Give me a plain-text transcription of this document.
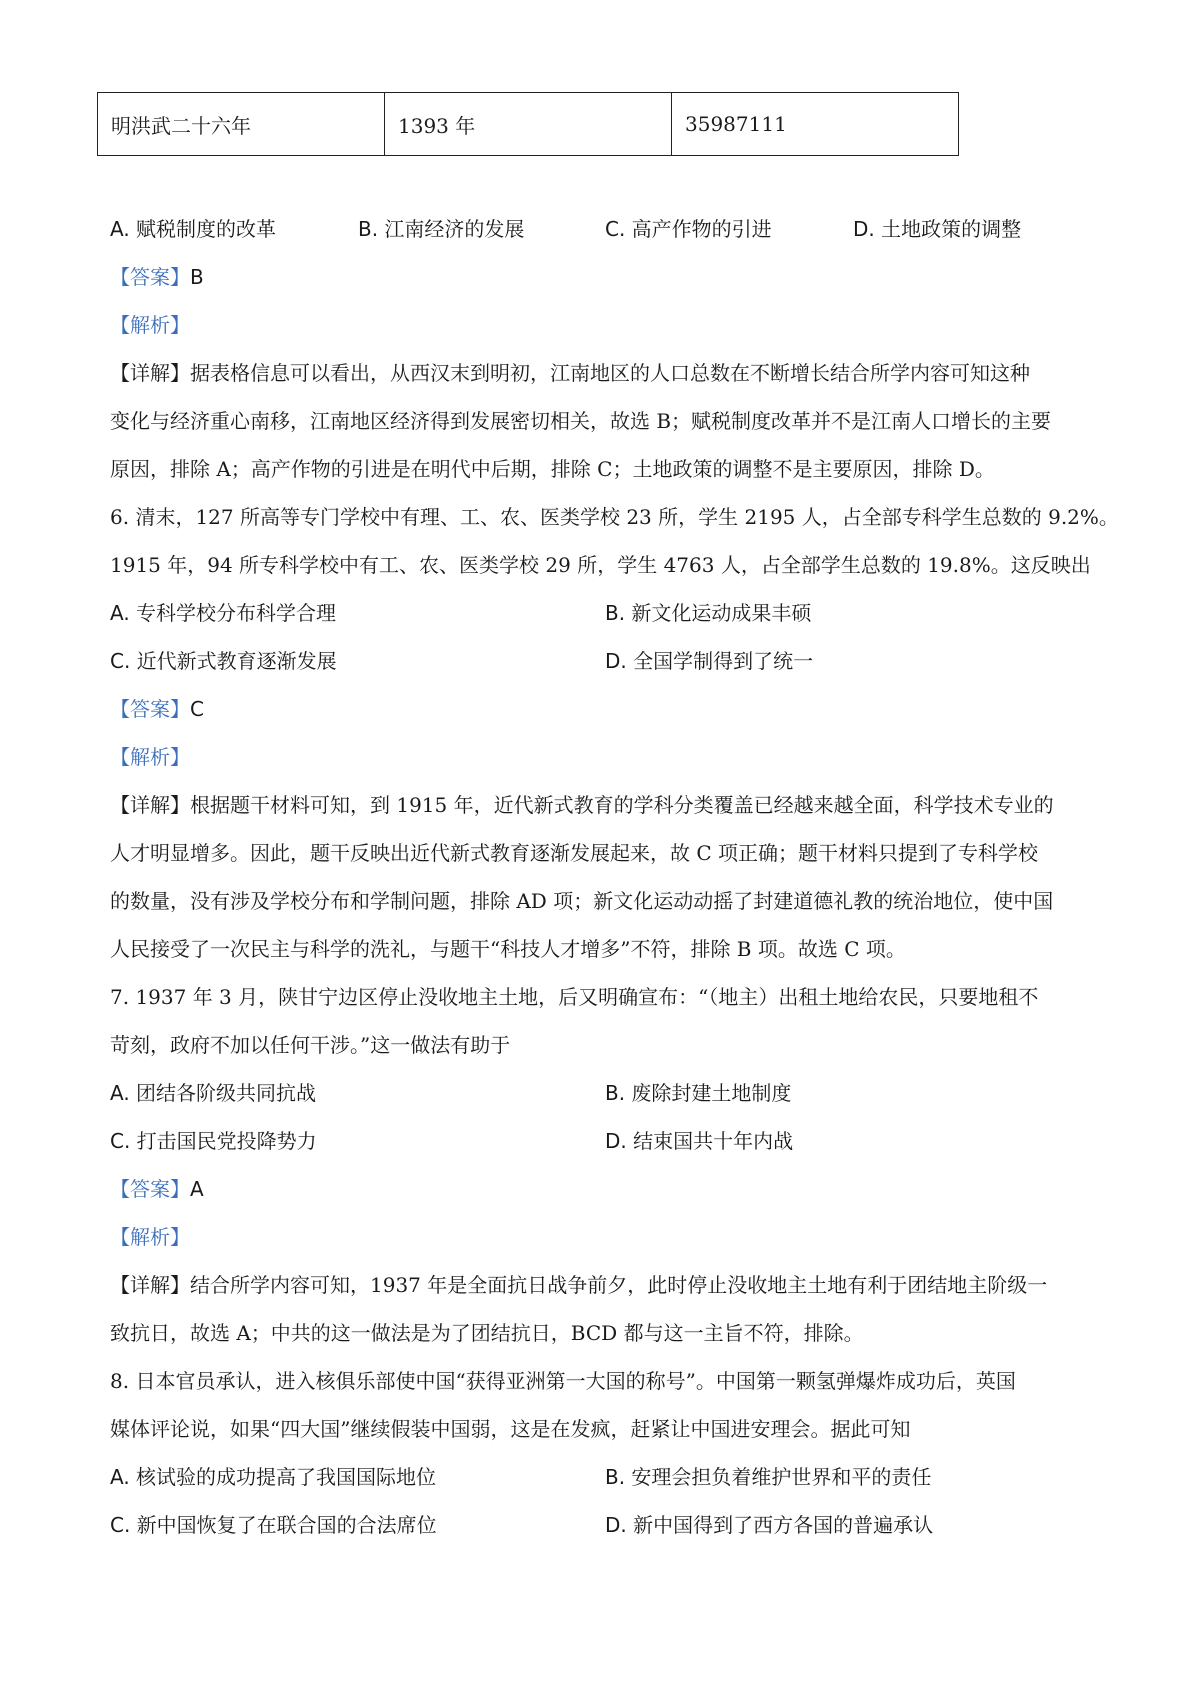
明洪武二十六年	1393 年	35987111
A. 赋税制度的改革	B. 江南经济的发展	C. 高产作物的引进	D. 土地政策的调整
【答案】B
【解析】
【详解】据表格信息可以看出，从西汉末到明初，江南地区的人口总数在不断增长结合所学内容可知这种
变化与经济重心南移，江南地区经济得到发展密切相关，故选 B；赋税制度改革并不是江南人口增长的主要
原因，排除 A；高产作物的引进是在明代中后期，排除 C；土地政策的调整不是主要原因，排除 D。
6. 清末，127 所高等专门学校中有理、工、农、医类学校 23 所，学生 2195 人，占全部专科学生总数的 9.2%。
1915 年，94 所专科学校中有工、农、医类学校 29 所，学生 4763 人，占全部学生总数的 19.8%。这反映出
A. 专科学校分布科学合理	B. 新文化运动成果丰硕
C. 近代新式教育逐渐发展	D. 全国学制得到了统一
【答案】C
【解析】
【详解】根据题干材料可知，到 1915 年，近代新式教育的学科分类覆盖已经越来越全面，科学技术专业的
人才明显增多。因此，题干反映出近代新式教育逐渐发展起来，故 C 项正确；题干材料只提到了专科学校
的数量，没有涉及学校分布和学制问题，排除 AD 项；新文化运动动摇了封建道德礼教的统治地位，使中国
人民接受了一次民主与科学的洗礼，与题干“科技人才增多”不符，排除 B 项。故选 C 项。
7. 1937 年 3 月，陕甘宁边区停止没收地主土地，后又明确宣布：“（地主）出租土地给农民，只要地租不
苛刻，政府不加以任何干涉。”这一做法有助于
A. 团结各阶级共同抗战	B. 废除封建土地制度
C. 打击国民党投降势力	D. 结束国共十年内战
【答案】A
【解析】
【详解】结合所学内容可知，1937 年是全面抗日战争前夕，此时停止没收地主土地有利于团结地主阶级一
致抗日，故选 A；中共的这一做法是为了团结抗日，BCD 都与这一主旨不符，排除。
8. 日本官员承认，进入核俱乐部使中国“获得亚洲第一大国的称号”。中国第一颗氢弹爆炸成功后，英国
媒体评论说，如果“四大国”继续假装中国弱，这是在发疯，赶紧让中国进安理会。据此可知
A. 核试验的成功提高了我国国际地位	B. 安理会担负着维护世界和平的责任
C. 新中国恢复了在联合国的合法席位	D. 新中国得到了西方各国的普遍承认
